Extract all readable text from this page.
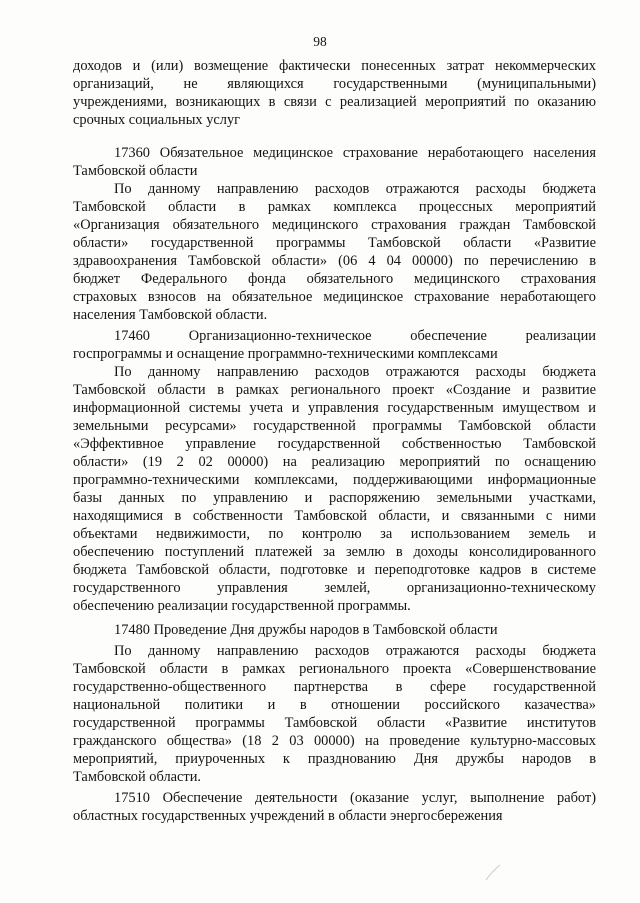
98
доходов и (или) возмещение фактически понесенных затрат некоммерческих
организаций, не являющихся государственными (муниципальными)
учреждениями, возникающих в связи с реализацией мероприятий по оказанию
срочных социальных услуг
17360 Обязательное медицинское страхование неработающего населения
Тамбовской области
По данному направлению расходов отражаются расходы бюджета
Тамбовской области в рамках комплекса процессных мероприятий
«Организация обязательного медицинского страхования граждан Тамбовской
области» государственной программы Тамбовской области «Развитие
здравоохранения Тамбовской области» (06 4 04 00000) по перечислению в
бюджет Федерального фонда обязательного медицинского страхования
страховых взносов на обязательное медицинское страхование неработающего
населения Тамбовской области.
17460 Организационно-техническое обеспечение реализации
госпрограммы и оснащение программно-техническими комплексами
По данному направлению расходов отражаются расходы бюджета
Тамбовской области в рамках регионального проект «Создание и развитие
информационной системы учета и управления государственным имуществом и
земельными ресурсами» государственной программы Тамбовской области
«Эффективное управление государственной собственностью Тамбовской
области» (19 2 02 00000) на реализацию мероприятий по оснащению
программно-техническими комплексами, поддерживающими информационные
базы данных по управлению и распоряжению земельными участками,
находящимися в собственности Тамбовской области, и связанными с ними
объектами недвижимости, по контролю за использованием земель и
обеспечению поступлений платежей за землю в доходы консолидированного
бюджета Тамбовской области, подготовке и переподготовке кадров в системе
государственного управления землей, организационно-техническому
обеспечению реализации государственной программы.
17480 Проведение Дня дружбы народов в Тамбовской области
По данному направлению расходов отражаются расходы бюджета
Тамбовской области в рамках регионального проекта «Совершенствование
государственно-общественного партнерства в сфере государственной
национальной политики и в отношении российского казачества»
государственной программы Тамбовской области «Развитие институтов
гражданского общества» (18 2 03 00000) на проведение культурно-массовых
мероприятий, приуроченных к празднованию Дня дружбы народов в
Тамбовской области.
17510 Обеспечение деятельности (оказание услуг, выполнение работ)
областных государственных учреждений в области энергосбережения
